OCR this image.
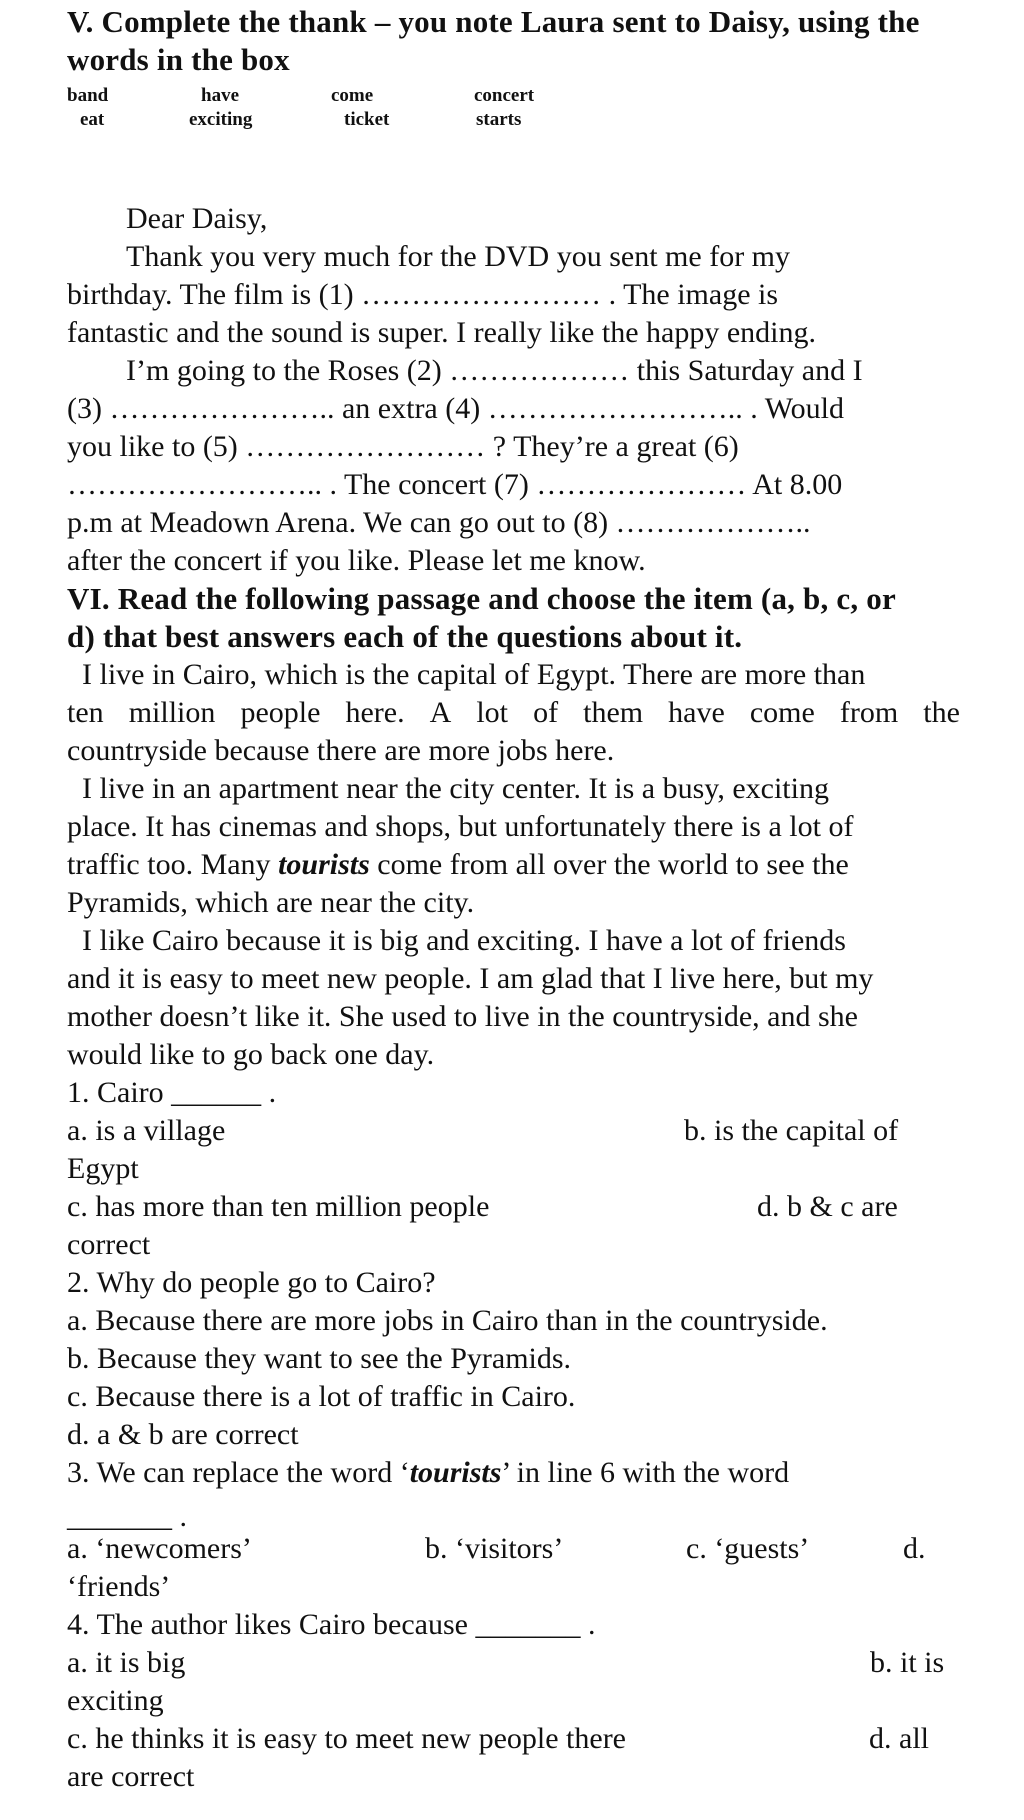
V. Complete the thank – you note Laura sent to Daisy, using the
words in the box
band	have	come	concert
eat	exciting	ticket	starts
Dear Daisy,
Thank you very much for the DVD you sent me for my
birthday. The film is (1) …………………… . The image is
fantastic and the sound is super. I really like the happy ending.
I’m going to the Roses (2) ……………… this Saturday and I
(3) ………………….. an extra (4) …………………….. . Would
you like to (5) …………………… ? They’re a great (6)
…………………….. . The concert (7) ………………… At 8.00
p.m at Meadown Arena. We can go out to (8) ………………..
after the concert if you like. Please let me know.
VI. Read the following passage and choose the item (a, b, c, or
d) that best answers each of the questions about it.
I live in Cairo, which is the capital of Egypt. There are more than
ten million people here. A lot of them have come from the
countryside because there are more jobs here.
I live in an apartment near the city center. It is a busy, exciting
place. It has cinemas and shops, but unfortunately there is a lot of
traffic too. Many tourists come from all over the world to see the
Pyramids, which are near the city.
I like Cairo because it is big and exciting. I have a lot of friends
and it is easy to meet new people. I am glad that I live here, but my
mother doesn’t like it. She used to live in the countryside, and she
would like to go back one day.
1. Cairo ______ .
a. is a village	b. is the capital of
Egypt
c. has more than ten million people	d. b & c are
correct
2. Why do people go to Cairo?
a. Because there are more jobs in Cairo than in the countryside.
b. Because they want to see the Pyramids.
c. Because there is a lot of traffic in Cairo.
d. a & b are correct
3. We can replace the word ‘tourists’ in line 6 with the word
_______ .
a. ‘newcomers’	b. ‘visitors’	c. ‘guests’	d.
‘friends’
4. The author likes Cairo because _______ .
a. it is big	b. it is
exciting
c. he thinks it is easy to meet new people there	d. all
are correct
